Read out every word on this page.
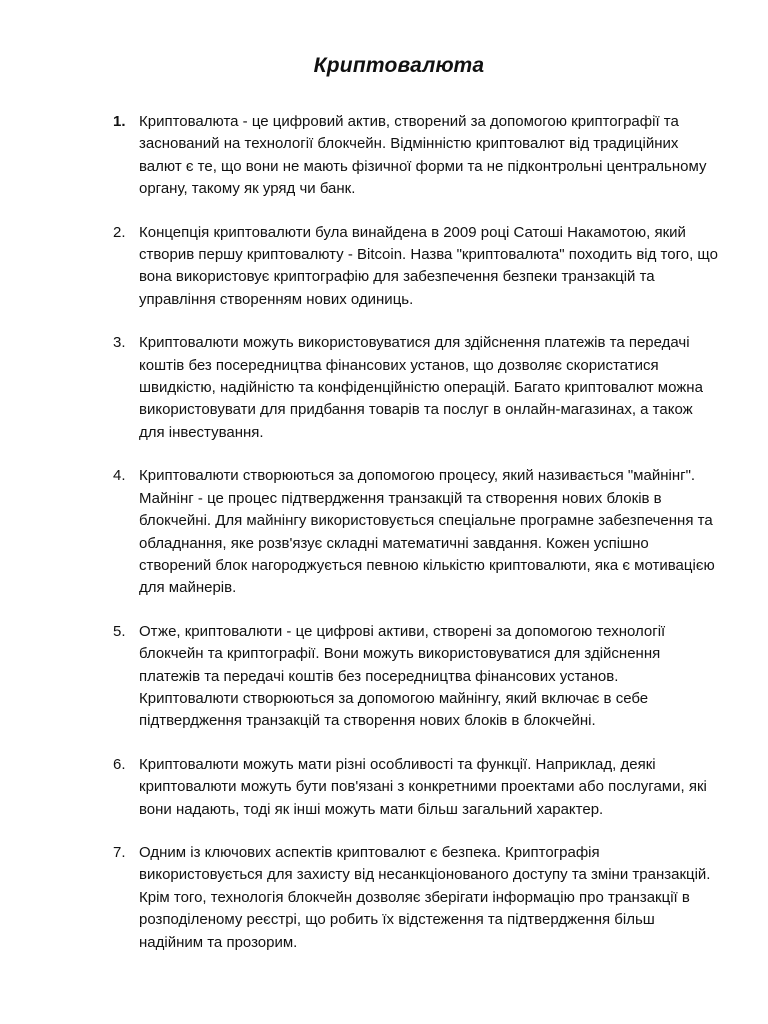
Криптовалюта
1. Криптовалюта - це цифровий актив, створений за допомогою криптографії та заснований на технології блокчейн. Відмінністю криптовалют від традиційних валют є те, що вони не мають фізичної форми та не підконтрольні центральному органу, такому як уряд чи банк.
2. Концепція криптовалюти була винайдена в 2009 році Сатоші Накамотою, який створив першу криптовалюту - Bitcoin. Назва "криптовалюта" походить від того, що вона використовує криптографію для забезпечення безпеки транзакцій та управління створенням нових одиниць.
3. Криптовалюти можуть використовуватися для здійснення платежів та передачі коштів без посередництва фінансових установ, що дозволяє скористатися швидкістю, надійністю та конфіденційністю операцій. Багато криптовалют можна використовувати для придбання товарів та послуг в онлайн-магазинах, а також для інвестування.
4. Криптовалюти створюються за допомогою процесу, який називається "майнінг". Майнінг - це процес підтвердження транзакцій та створення нових блоків в блокчейні. Для майнінгу використовується спеціальне програмне забезпечення та обладнання, яке розв'язує складні математичні завдання. Кожен успішно створений блок нагороджується певною кількістю криптовалюти, яка є мотивацією для майнерів.
5. Отже, криптовалюти - це цифрові активи, створені за допомогою технології блокчейн та криптографії. Вони можуть використовуватися для здійснення платежів та передачі коштів без посередництва фінансових установ. Криптовалюти створюються за допомогою майнінгу, який включає в себе підтвердження транзакцій та створення нових блоків в блокчейні.
6. Криптовалюти можуть мати різні особливості та функції. Наприклад, деякі криптовалюти можуть бути пов'язані з конкретними проектами або послугами, які вони надають, тоді як інші можуть мати більш загальний характер.
7. Одним із ключових аспектів криптовалют є безпека. Криптографія використовується для захисту від несанкціонованого доступу та зміни транзакцій. Крім того, технологія блокчейн дозволяє зберігати інформацію про транзакції в розподіленому реєстрі, що робить їх відстеження та підтвердження більш надійним та прозорим.
